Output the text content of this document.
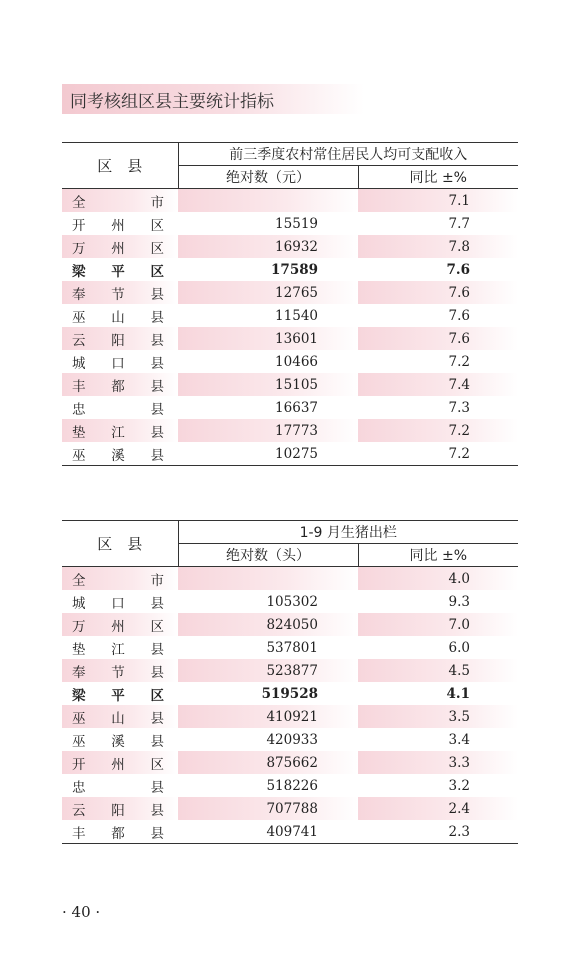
同考核组区县主要统计指标
区　县	前三季度农村常住居民人均可支配收入	
	绝对数（元）	同比 ±%

全 市		7.1

开 州 区	15519	7.7

万 州 区	16932	7.8

梁 平 区	17589	7.6

奉 节 县	12765	7.6

巫 山 县	11540	7.6

云 阳 县	13601	7.6

城 口 县	10466	7.2

丰 都 县	15105	7.4

忠 县	16637	7.3

垫 江 县	17773	7.2

巫 溪 县	10275	7.2
区　县	1-9 月生猪出栏	
	绝对数（头）	同比 ±%

全 市		4.0

城 口 县	105302	9.3

万 州 区	824050	7.0

垫 江 县	537801	6.0

奉 节 县	523877	4.5

梁 平 区	519528	4.1

巫 山 县	410921	3.5

巫 溪 县	420933	3.4

开 州 区	875662	3.3

忠 县	518226	3.2

云 阳 县	707788	2.4

丰 都 县	409741	2.3
· 40 ·
